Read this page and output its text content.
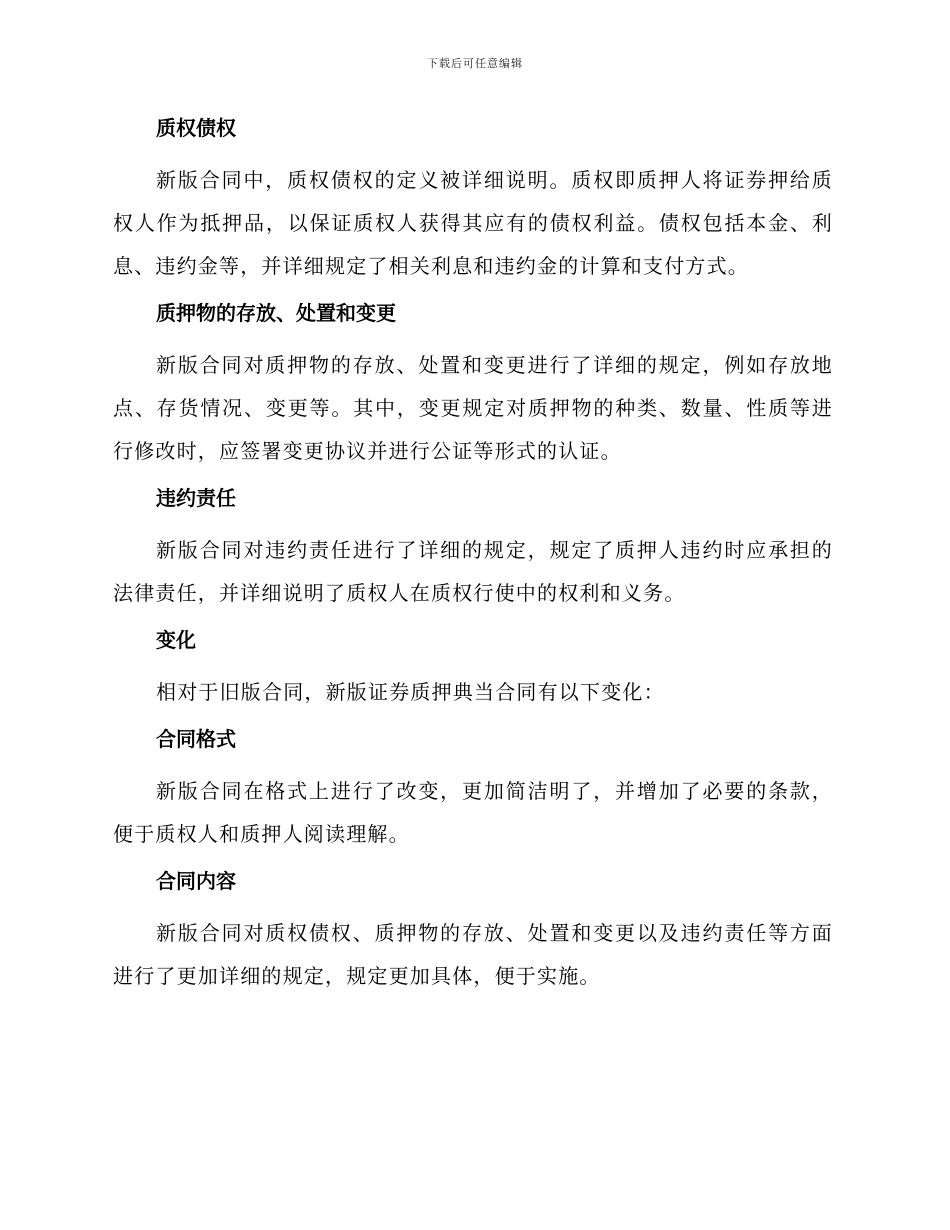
下载后可任意编辑
质权债权

新版合同中，质权债权的定义被详细说明。质权即质押人将证券押给质权人作为抵押品，以保证质权人获得其应有的债权利益。债权包括本金、利息、违约金等，并详细规定了相关利息和违约金的计算和支付方式。

质押物的存放、处置和变更

新版合同对质押物的存放、处置和变更进行了详细的规定，例如存放地点、存货情况、变更等。其中，变更规定对质押物的种类、数量、性质等进行修改时，应签署变更协议并进行公证等形式的认证。

违约责任

新版合同对违约责任进行了详细的规定，规定了质押人违约时应承担的法律责任，并详细说明了质权人在质权行使中的权利和义务。

变化

相对于旧版合同，新版证券质押典当合同有以下变化：

合同格式

新版合同在格式上进行了改变，更加简洁明了，并增加了必要的条款，便于质权人和质押人阅读理解。

合同内容

新版合同对质权债权、质押物的存放、处置和变更以及违约责任等方面进行了更加详细的规定，规定更加具体，便于实施。
